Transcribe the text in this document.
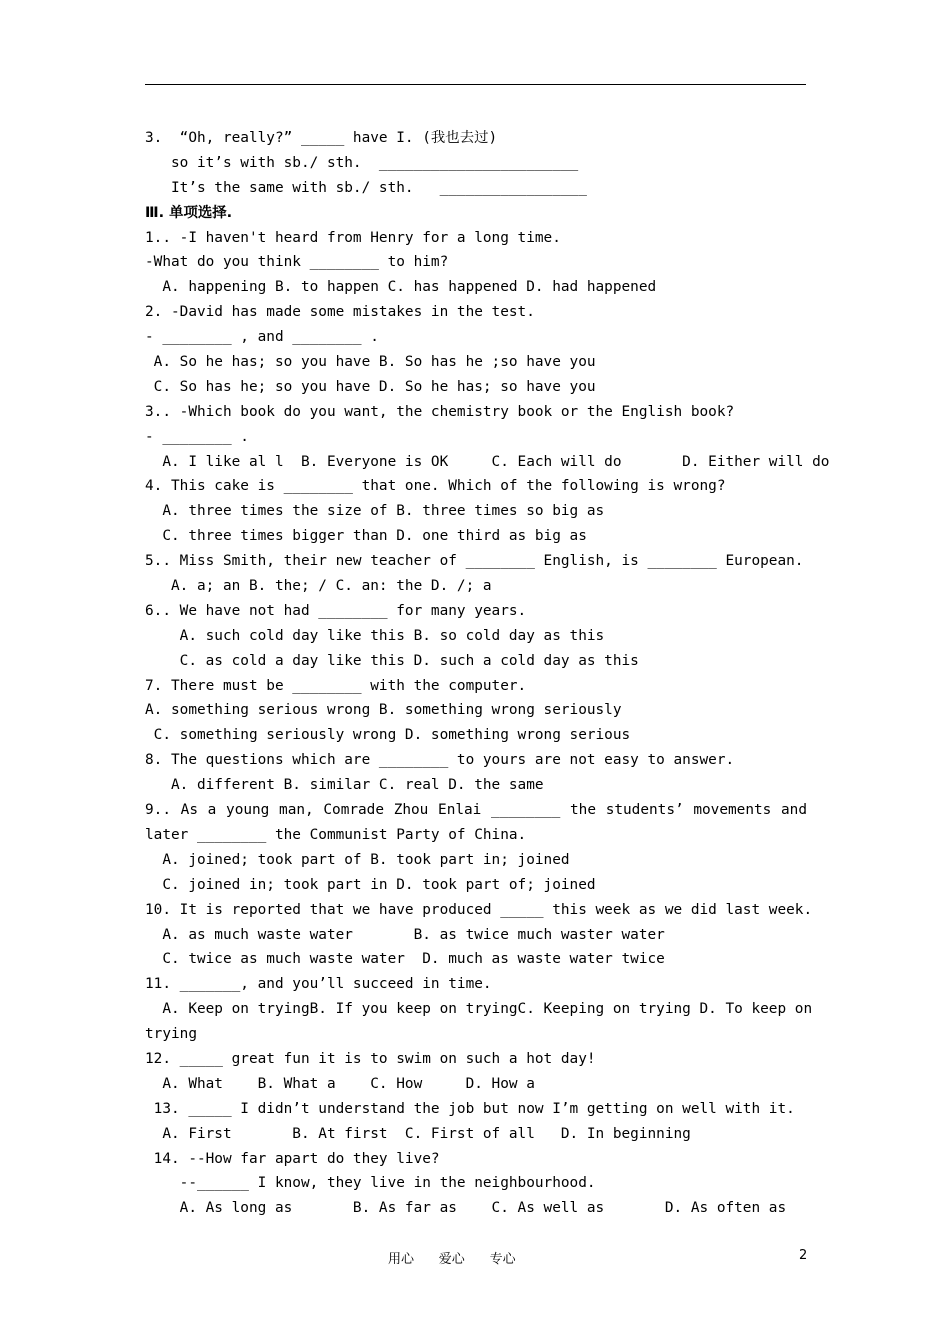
3.  “Oh, really?” _____ have I. (我也去过)
so it’s with sb./ sth.  _______________________
It’s the same with sb./ sth.   _________________
Ⅲ. 单项选择.
1.. -I haven't heard from Henry for a long time.
-What do you think ________ to him?
A. happening B. to happen C. has happened D. had happened
2. -David has made some mistakes in the test.
- ________ , and ________ .
A. So he has; so you have B. So has he ;so have you
C. So has he; so you have D. So he has; so have you
3.. -Which book do you want, the chemistry book or the English book?
- ________ .
A. I like al l  B. Everyone is OK     C. Each will do       D. Either will do
4. This cake is ________ that one. Which of the following is wrong?
A. three times the size of B. three times so big as
C. three times bigger than D. one third as big as
5.. Miss Smith, their new teacher of ________ English, is ________ European.
A. a; an B. the; / C. an: the D. /; a
6.. We have not had ________ for many years.
A. such cold day like this B. so cold day as this
C. as cold a day like this D. such a cold day as this
7. There must be ________ with the computer.
A. something serious wrong B. something wrong seriously
C. something seriously wrong D. something wrong serious
8. The questions which are ________ to yours are not easy to answer.
A. different B. similar C. real D. the same
9.. As a young man, Comrade Zhou Enlai ________ the students’ movements and
later ________ the Communist Party of China.
A. joined; took part of B. took part in; joined
C. joined in; took part in D. took part of; joined
10. It is reported that we have produced _____ this week as we did last week.
A. as much waste water       B. as twice much waster water
C. twice as much waste water  D. much as waste water twice
11. _______, and you’ll succeed in time.
A. Keep on tryingB. If you keep on tryingC. Keeping on trying D. To keep on
trying
12. _____ great fun it is to swim on such a hot day!
A. What    B. What a    C. How     D. How a
13. _____ I didn’t understand the job but now I’m getting on well with it.
A. First       B. At first  C. First of all   D. In beginning
14. --How far apart do they live?
--______ I know, they live in the neighbourhood.
A. As long as       B. As far as    C. As well as       D. As often as
用心      爱心      专心	2
